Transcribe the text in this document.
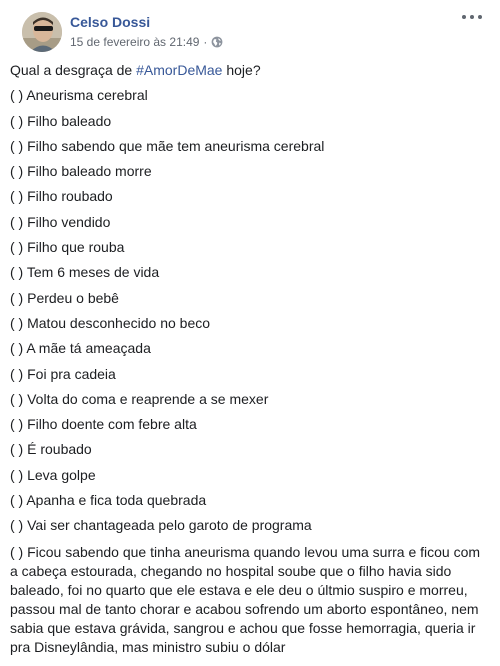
Celso Dossi
15 de fevereiro às 21:49 ·
Qual a desgraça de #AmorDeMae hoje?
( ) Aneurisma cerebral
( ) Filho baleado
( ) Filho sabendo que mãe tem aneurisma cerebral
( ) Filho baleado morre
( ) Filho roubado
( ) Filho vendido
( ) Filho que rouba
( ) Tem 6 meses de vida
( ) Perdeu o bebê
( ) Matou desconhecido no beco
( ) A mãe tá ameaçada
( ) Foi pra cadeia
( ) Volta do coma e reaprende a se mexer
( ) Filho doente com febre alta
( ) É roubado
( ) Leva golpe
( ) Apanha e fica toda quebrada
( ) Vai ser chantageada pelo garoto de programa
( ) Ficou sabendo que tinha aneurisma quando levou uma surra e ficou com a cabeça estourada, chegando no hospital soube que o filho havia sido baleado, foi no quarto que ele estava e ele deu o últmio suspiro e morreu, passou mal de tanto chorar e acabou sofrendo um aborto espontâneo, nem sabia que estava grávida, sangrou e achou que fosse hemorragia, queria ir pra Disneylândia, mas ministro subiu o dólar
